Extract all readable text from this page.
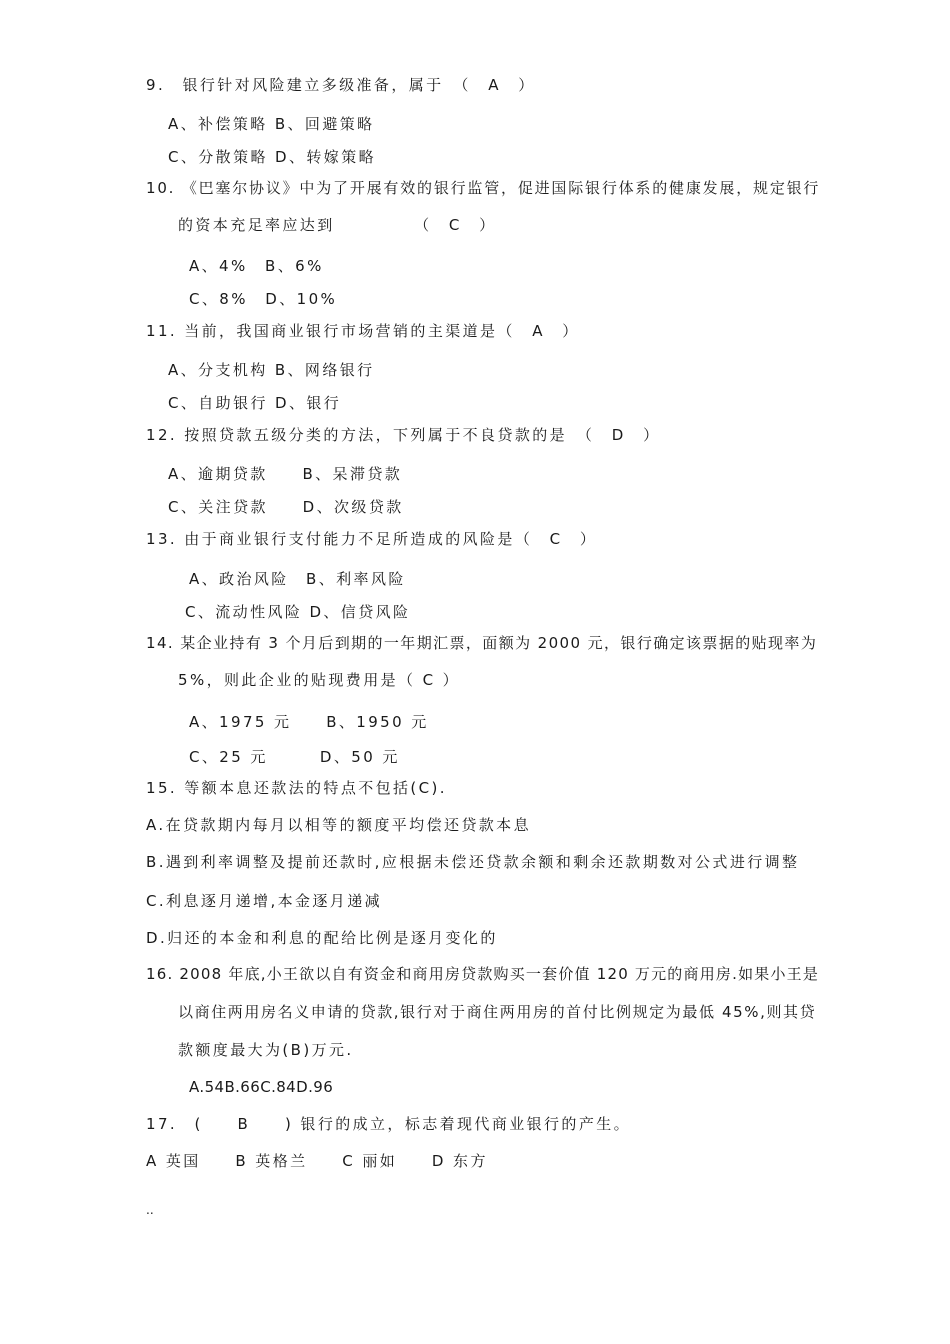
9.　银行针对风险建立多级准备，属于　（　A　）
A、补偿策略 B、回避策略
C、分散策略 D、转嫁策略
10. 《巴塞尔协议》中为了开展有效的银行监管，促进国际银行体系的健康发展，规定银行
的资本充足率应达到　　　　　（　C　）
A、4%　B、6%
C、8%　D、10%
11. 当前，我国商业银行市场营销的主渠道是（　A　）
A、分支机构 B、网络银行
C、自助银行 D、银行
12. 按照贷款五级分类的方法，下列属于不良贷款的是　（　D　）
A、逾期贷款　　B、呆滞贷款
C、关注贷款　　D、次级贷款
13. 由于商业银行支付能力不足所造成的风险是（　C　）
A、政治风险　B、利率风险
C、流动性风险 D、信贷风险
14. 某企业持有 3 个月后到期的一年期汇票，面额为 2000 元，银行确定该票据的贴现率为
5%，则此企业的贴现费用是（ C ）
A、1975 元　　B、1950 元
C、25 元　　　D、50 元
15. 等额本息还款法的特点不包括(C).
A.在贷款期内每月以相等的额度平均偿还贷款本息
B.遇到利率调整及提前还款时,应根据未偿还贷款余额和剩余还款期数对公式进行调整
C.利息逐月递增,本金逐月递减
D.归还的本金和利息的配给比例是逐月变化的
16. 2008 年底,小王欲以自有资金和商用房贷款购买一套价值 120 万元的商用房.如果小王是
以商住两用房名义申请的贷款,银行对于商住两用房的首付比例规定为最低 45%,则其贷
款额度最大为(B)万元.
A.54B.66C.84D.96
17.　(　　B　　) 银行的成立，标志着现代商业银行的产生。
A 英国　　B 英格兰　　C 丽如　　D 东方
..
